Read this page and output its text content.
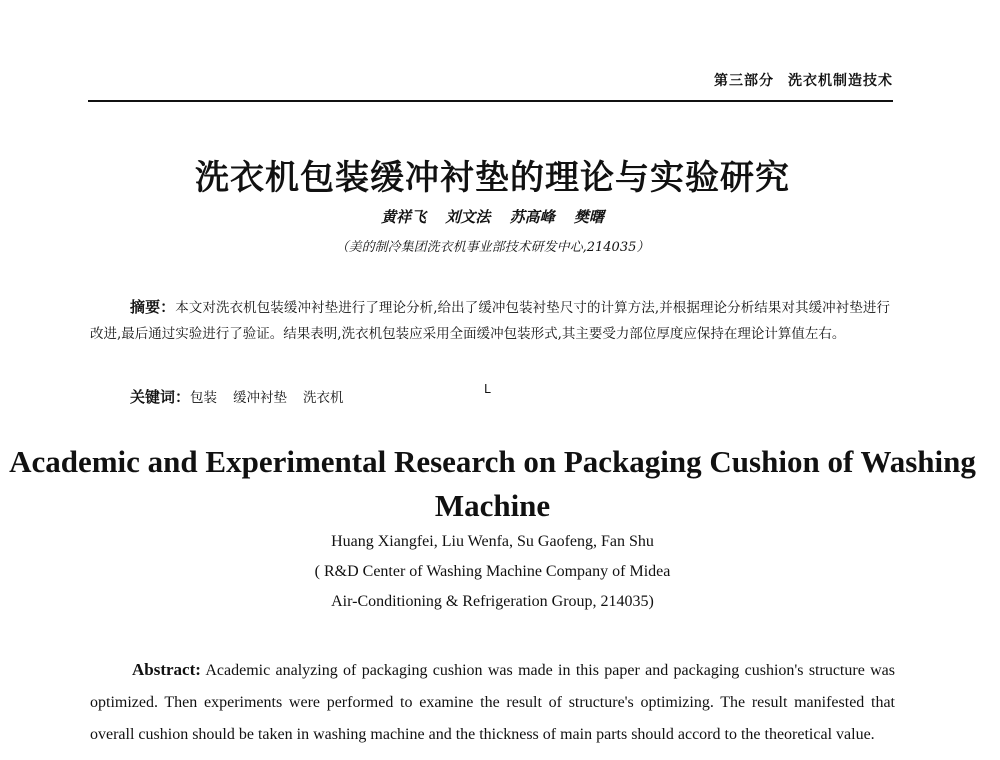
第三部分 洗衣机制造技术
洗衣机包装缓冲衬垫的理论与实验研究
黄祥飞 刘文法 苏高峰 樊曙
（美的制冷集团洗衣机事业部技术研发中心,214035）
摘要：本文对洗衣机包装缓冲衬垫进行了理论分析,给出了缓冲包装衬垫尺寸的计算方法,并根据理论分析结果对其缓冲衬垫进行改进,最后通过实验进行了验证。结果表明,洗衣机包装应采用全面缓冲包装形式,其主要受力部位厚度应保持在理论计算值左右。
关键词：包装 缓冲衬垫 洗衣机
L
Academic and Experimental Research on Packaging Cushion of Washing Machine
Huang Xiangfei, Liu Wenfa, Su Gaofeng, Fan Shu
( R&D Center of Washing Machine Company of Midea
Air-Conditioning & Refrigeration Group, 214035)
Abstract: Academic analyzing of packaging cushion was made in this paper and packaging cushion's structure was optimized. Then experiments were performed to examine the result of structure's optimizing. The result manifested that overall cushion should be taken in washing machine and the thickness of main parts should accord to the theoretical value.
